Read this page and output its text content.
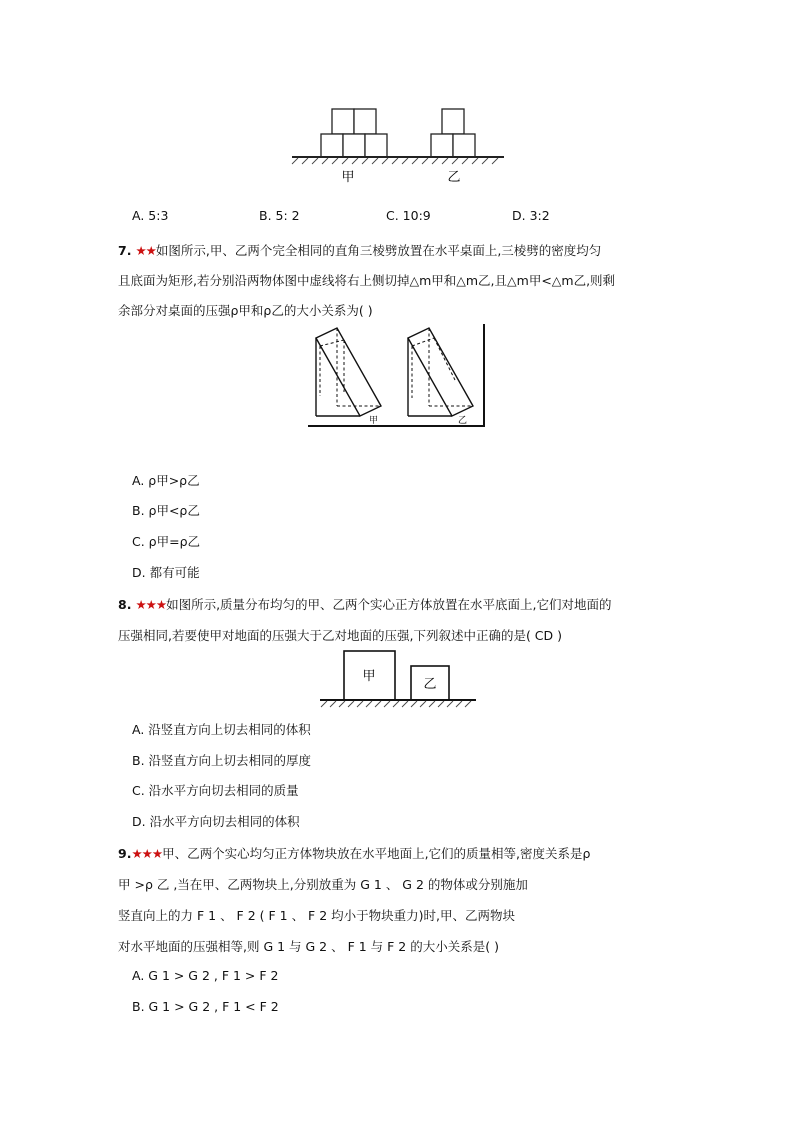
甲	乙
A. 5:3	B. 5: 2	C. 10:9	D. 3:2
7. ★★如图所示,甲、乙两个完全相同的直角三棱劈放置在水平桌面上,三棱劈的密度均匀
且底面为矩形,若分别沿两物体图中虚线将右上侧切掉△m甲和△m乙,且△m甲<△m乙,则剩
余部分对桌面的压强ρ甲和ρ乙的大小关系为( )
甲	乙
A. ρ甲>ρ乙
B. ρ甲<ρ乙
C. ρ甲=ρ乙
D. 都有可能
8. ★★★如图所示,质量分布均匀的甲、乙两个实心正方体放置在水平底面上,它们对地面的
压强相同,若要使甲对地面的压强大于乙对地面的压强,下列叙述中正确的是( CD )
甲
乙
A. 沿竖直方向上切去相同的体积
B. 沿竖直方向上切去相同的厚度
C. 沿水平方向切去相同的质量
D. 沿水平方向切去相同的体积
9.★★★甲、乙两个实心均匀正方体物块放在水平地面上,它们的质量相等,密度关系是ρ
甲 >ρ 乙 ,当在甲、乙两物块上,分别放重为 G 1 、 G 2 的物体或分别施加
竖直向上的力 F 1 、 F 2 ( F 1 、 F 2 均小于物块重力)时,甲、乙两物块
对水平地面的压强相等,则 G 1 与 G 2 、 F 1 与 F 2 的大小关系是( )
A. G 1 > G 2 , F 1 > F 2
B. G 1 > G 2 , F 1 < F 2
